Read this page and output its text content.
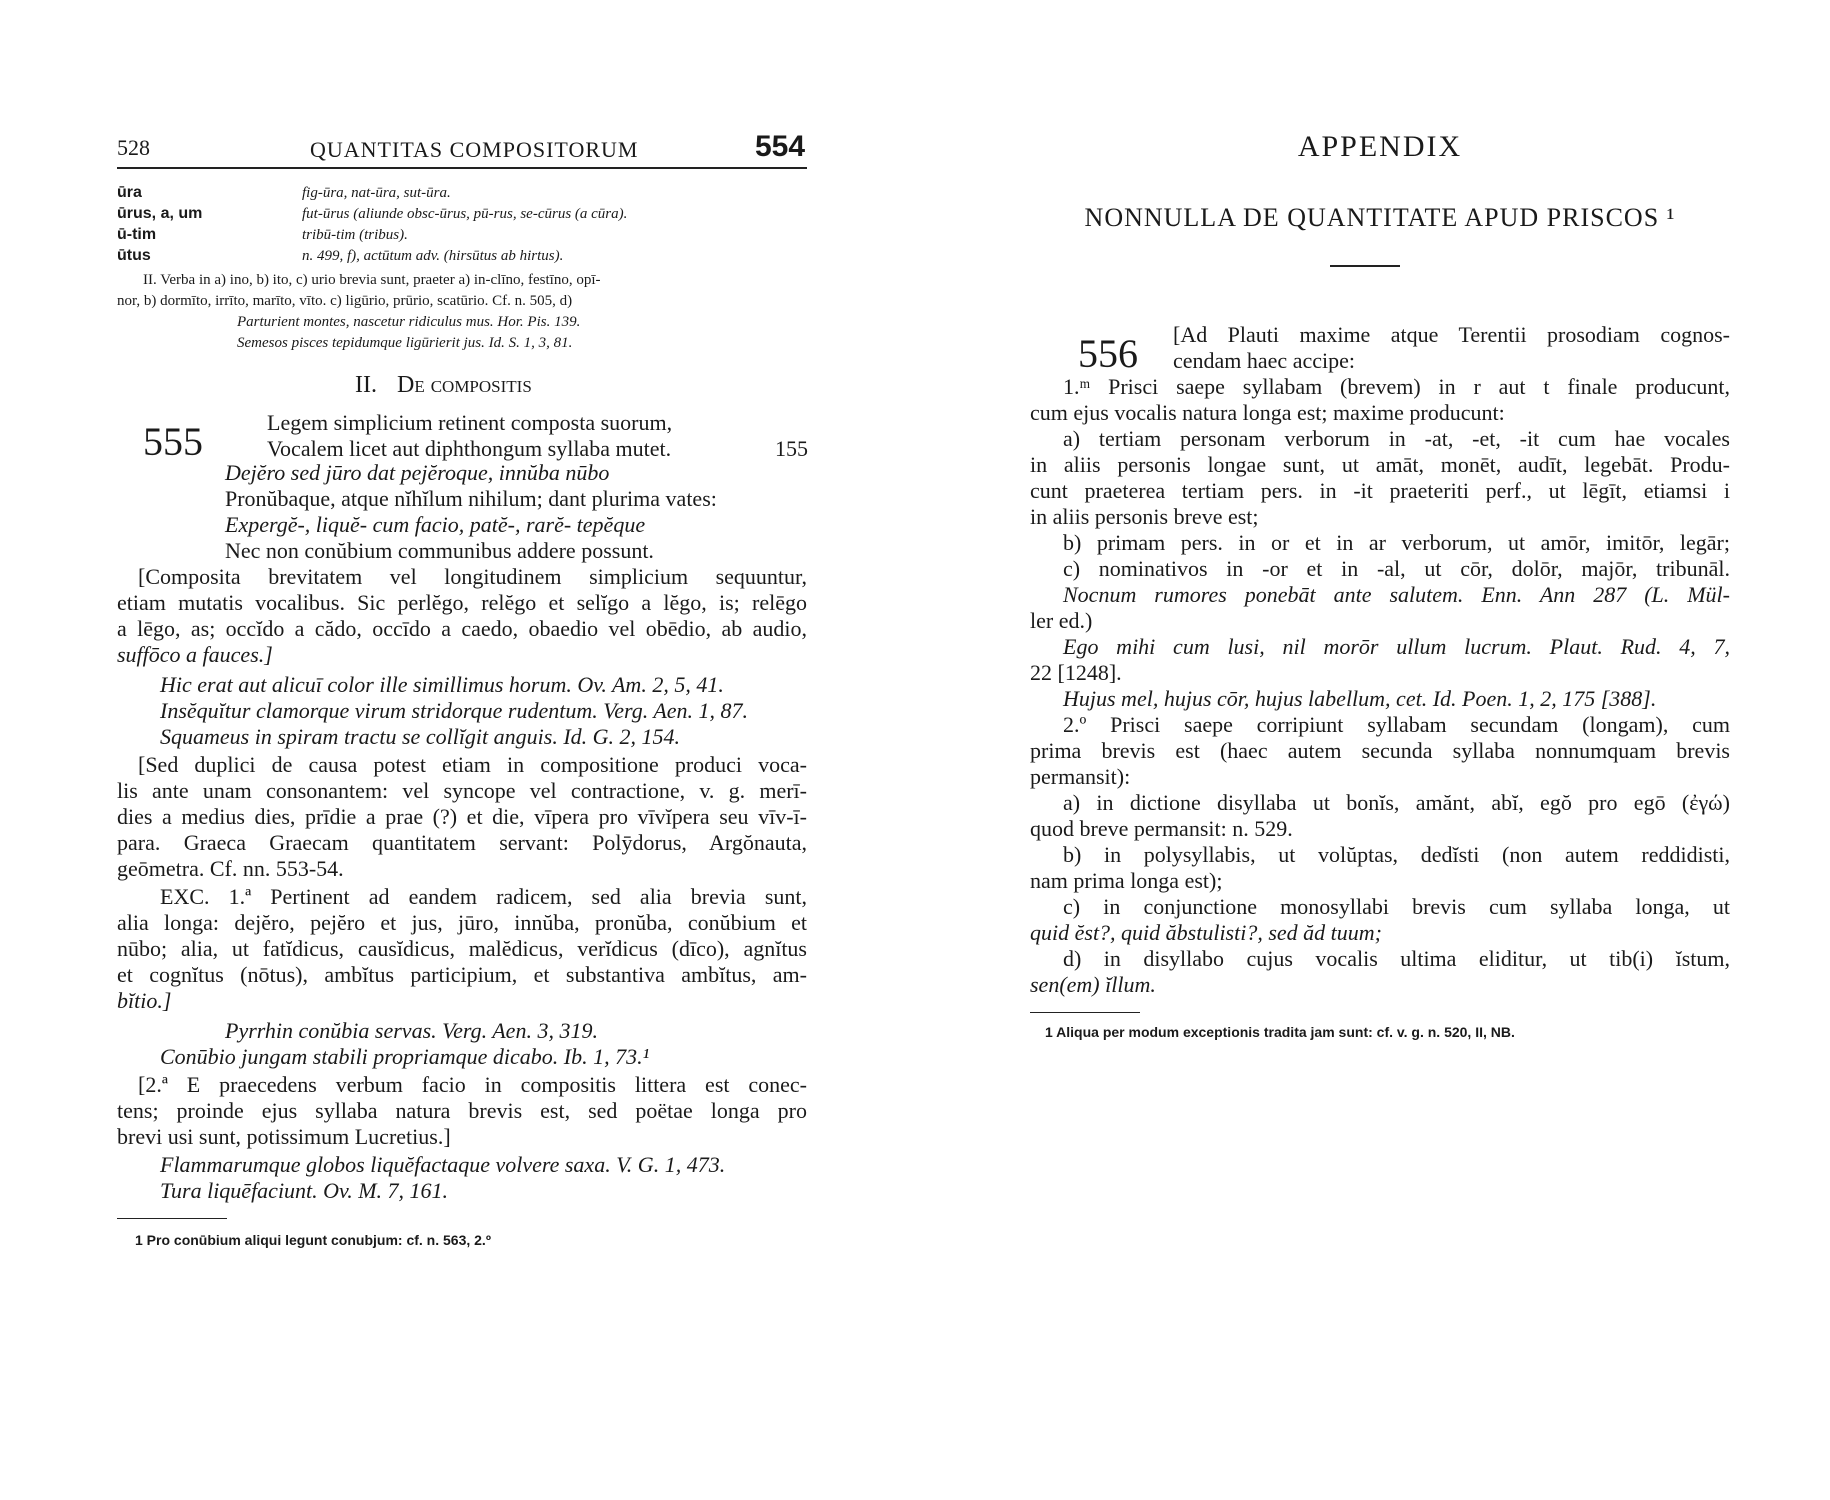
528	QUANTITAS COMPOSITORUM	554
ūra	fig-ūra, nat-ūra, sut-ūra.
ūrus, a, um	fut-ūrus (aliunde obsc-ūrus, pū-rus, se-cūrus (a cūra).
ū-tim	tribū-tim (tribus).
ūtus	n. 499, f), actūtum adv. (hirsūtus ab hirtus).
II. Verba in a) ino, b) ito, c) urio brevia sunt, praeter a) in-clīno, festīno, opī-
nor, b) dormīto, irrīto, marīto, vīto. c) ligūrio, prūrio, scatūrio. Cf. n. 505, d)
Parturient montes, nascetur ridiculus mus. Hor. Pis. 139.
Semesos pisces tepidumque ligūrierit jus. Id. S. 1, 3, 81.
II. De compositis
555	Legem simplicium retinent composta suorum,
Vocalem licet aut diphthongum syllaba mutet.	155
Dejĕro sed jūro dat pejĕroque, innŭba nūbo
Pronŭbaque, atque nĭhĭlum nihilum; dant plurima vates:
Expergĕ-, liquĕ- cum facio, patĕ-, rarĕ- tepĕque
Nec non conŭbium communibus addere possunt.
[Composita brevitatem vel longitudinem simplicium sequuntur,
etiam mutatis vocalibus. Sic perlĕgo, relĕgo et selĭgo a lĕgo, is; relēgo
a lēgo, as; occĭdo a cădo, occīdo a caedo, obaedio vel obēdio, ab audio,
suffōco a fauces.]
Hic erat aut alicuī color ille simillimus horum. Ov. Am. 2, 5, 41.
Insĕquĭtur clamorque virum stridorque rudentum. Verg. Aen. 1, 87.
Squameus in spiram tractu se collĭgit anguis. Id. G. 2, 154.
[Sed duplici de causa potest etiam in compositione produci voca-
lis ante unam consonantem: vel syncope vel contractione, v. g. merī-
dies a medius dies, prīdie a prae (?) et die, vīpera pro vīvĭpera seu vīv-ī-
para. Graeca Graecam quantitatem servant: Polȳdorus, Argŏnauta,
geōmetra. Cf. nn. 553-54.
EXC. 1.ª Pertinent ad eandem radicem, sed alia brevia sunt,
alia longa: dejĕro, pejĕro et jus, jūro, innŭba, pronŭba, conŭbium et
nūbo; alia, ut fatĭdicus, causĭdicus, malĕdicus, verĭdicus (dīco), agnĭtus
et cognĭtus (nōtus), ambĭtus participium, et substantiva ambĭtus, am-
bĭtio.]
Pyrrhin conŭbia servas. Verg. Aen. 3, 319.
Conūbio jungam stabili propriamque dicabo. Ib. 1, 73.¹
[2.ª E praecedens verbum facio in compositis littera est conec-
tens; proinde ejus syllaba natura brevis est, sed poëtae longa pro
brevi usi sunt, potissimum Lucretius.]
Flammarumque globos liquĕfactaque volvere saxa. V. G. 1, 473.
Tura liquēfaciunt. Ov. M. 7, 161.
1 Pro conūbium aliqui legunt conubjum: cf. n. 563, 2.º
APPENDIX
NONNULLA DE QUANTITATE APUD PRISCOS ¹
556 [Ad Plauti maxime atque Terentii prosodiam cognos-
cendam haec accipe:
1.ᵐ Prisci saepe syllabam (brevem) in r aut t finale producunt,
cum ejus vocalis natura longa est; maxime producunt:
a) tertiam personam verborum in -at, -et, -it cum hae vocales
in aliis personis longae sunt, ut amāt, monēt, audīt, legebāt. Produ-
cunt praeterea tertiam pers. in -it praeteriti perf., ut lēgīt, etiamsi i
in aliis personis breve est;
b) primam pers. in or et in ar verborum, ut amōr, imitōr, legār;
c) nominativos in -or et in -al, ut cōr, dolōr, majōr, tribunāl.
Nocnum rumores ponebāt ante salutem. Enn. Ann 287 (L. Mül-
ler ed.)
Ego mihi cum lusi, nil morōr ullum lucrum. Plaut. Rud. 4, 7,
22 [1248].
Hujus mel, hujus cōr, hujus labellum, cet. Id. Poen. 1, 2, 175 [388].
2.º Prisci saepe corripiunt syllabam secundam (longam), cum
prima brevis est (haec autem secunda syllaba nonnumquam brevis
permansit):
a) in dictione disyllaba ut bonĭs, amănt, abĭ, egŏ pro egō (ἐγώ)
quod breve permansit: n. 529.
b) in polysyllabis, ut volŭptas, dedĭsti (non autem reddidisti,
nam prima longa est);
c) in conjunctione monosyllabi brevis cum syllaba longa, ut
quid ĕst?, quid ăbstulisti?, sed ăd tuum;
d) in disyllabo cujus vocalis ultima eliditur, ut tib(i) ĭstum,
sen(em) ĭllum.
1 Aliqua per modum exceptionis tradita jam sunt: cf. v. g. n. 520, II, NB.
